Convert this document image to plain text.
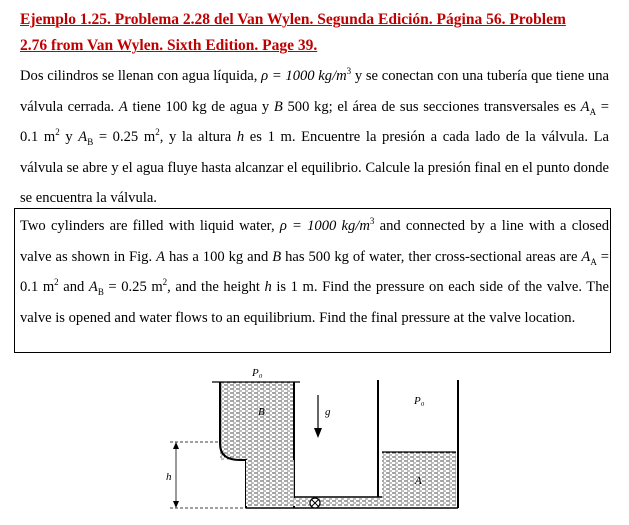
Ejemplo 1.25. Problema 2.28 del Van Wylen. Segunda Edición. Página 56. Problem
2.76 from Van Wylen. Sixth Edition. Page 39.
Dos cilindros se llenan con agua líquida, ρ = 1000 $kg/m^3$ y se conectan con una tubería que tiene una válvula cerrada. A tiene 100 kg de agua y B 500 kg; el área de sus secciones transversales es $A_A = 0.1$ $m^2$ y $A_B = 0.25$ $m^2$, y la altura h es 1 m. Encuentre la presión a cada lado de la válvula. La válvula se abre y el agua fluye hasta alcanzar el equilibrio. Calcule la presión final en el punto donde se encuentra la válvula.
Two cylinders are filled with liquid water, ρ = 1000 $kg/m^3$ and connected by a line with a closed valve as shown in Fig. A has a 100 kg and B has 500 kg of water, ther cross-sectional areas are $A_A = 0.1$ $m^2$ and $A_B = 0.25$ $m^2$, and the height h is 1 m. Find the pressure on each side of the valve. The valve is opened and water flows to an equilibrium. Find the final pressure at the valve location.
P₀
P₀
B
A
g
h
